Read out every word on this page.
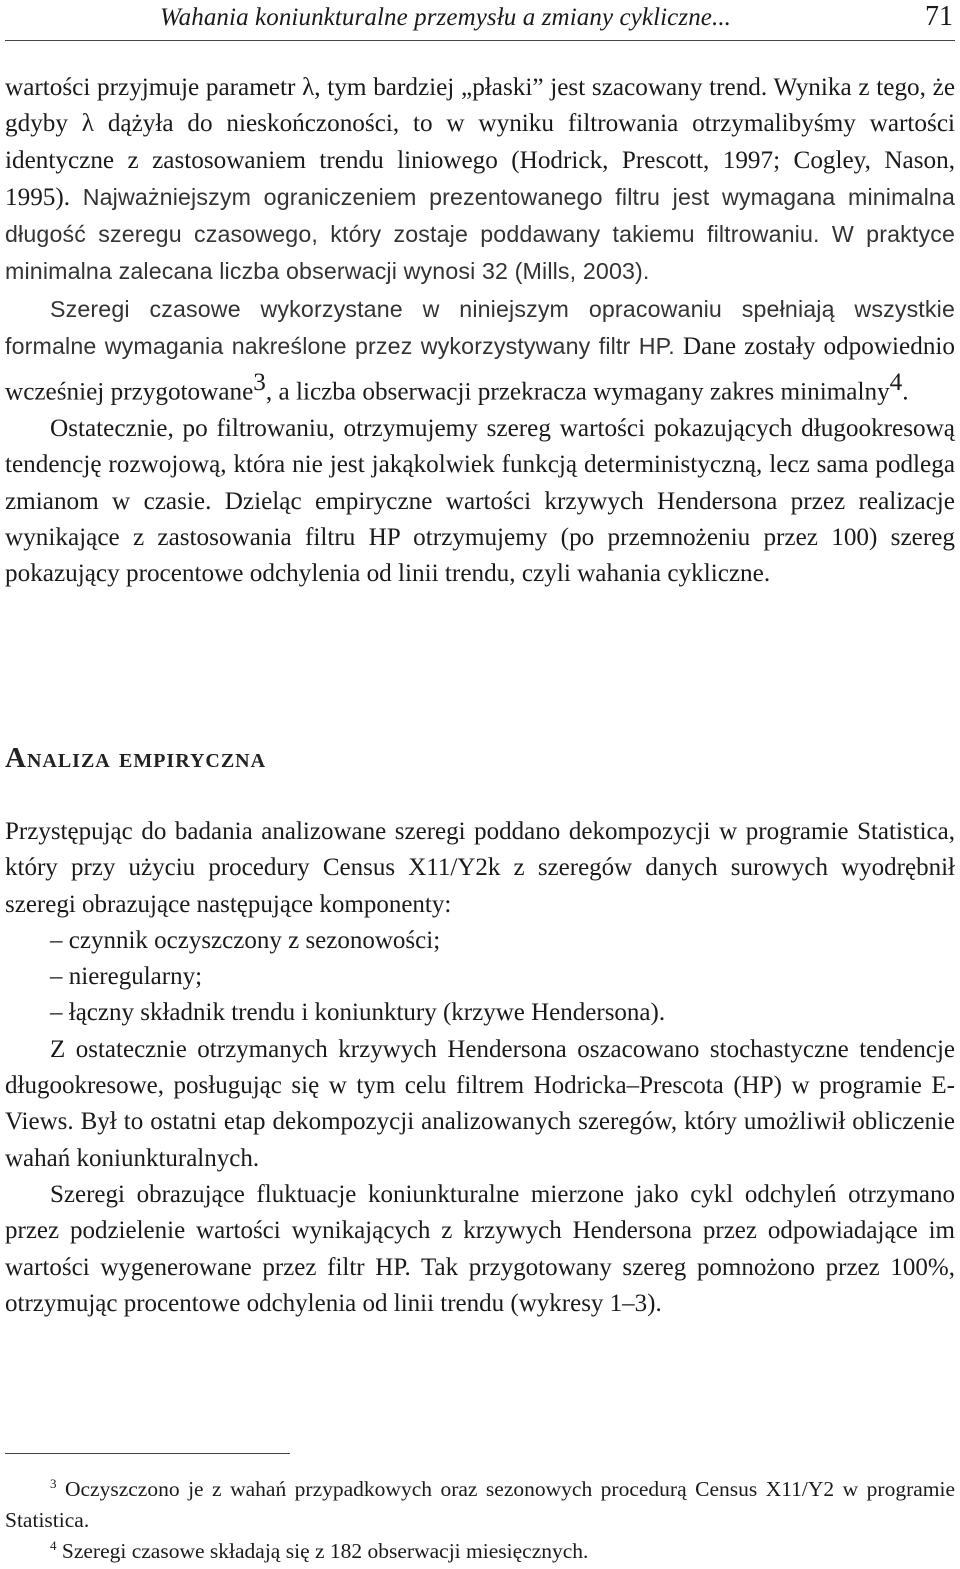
Wahania koniunkturalne przemysłu a zmiany cykliczne...	71

wartości przyjmuje parametr λ, tym bardziej „płaski” jest szacowany trend. Wynika z tego, że gdyby λ dążyła do nieskończoności, to w wyniku filtrowania otrzymalibyśmy wartości identyczne z zastosowaniem trendu liniowego (Hodrick, Prescott, 1997; Cogley, Nason, 1995). Najważniejszym ograniczeniem prezentowanego filtru jest wymagana minimalna długość szeregu czasowego, który zostaje poddawany takiemu filtrowaniu. W praktyce minimalna zalecana liczba obserwacji wynosi 32 (Mills, 2003).

Szeregi czasowe wykorzystane w niniejszym opracowaniu spełniają wszystkie formalne wymagania nakreślone przez wykorzystywany filtr HP. Dane zostały odpowiednio wcześniej przygotowane$^3$, a liczba obserwacji przekracza wymagany zakres minimalny$^4$.

Ostatecznie, po filtrowaniu, otrzymujemy szereg wartości pokazujących długookresową tendencję rozwojową, która nie jest jakąkolwiek funkcją deterministyczną, lecz sama podlega zmianom w czasie. Dzieląc empiryczne wartości krzywych Hendersona przez realizacje wynikające z zastosowania filtru HP otrzymujemy (po przemnożeniu przez 100) szereg pokazujący procentowe odchylenia od linii trendu, czyli wahania cykliczne.

Analiza empiryczna

Przystępując do badania analizowane szeregi poddano dekompozycji w programie Statistica, który przy użyciu procedury Census X11/Y2k z szeregów danych surowych wyodrębnił szeregi obrazujące następujące komponenty:

– czynnik oczyszczony z sezonowości;
– nieregularny;
– łączny składnik trendu i koniunktury (krzywe Hendersona).

Z ostatecznie otrzymanych krzywych Hendersona oszacowano stochastyczne tendencje długookresowe, posługując się w tym celu filtrem Hodricka–Prescota (HP) w programie E-Views. Był to ostatni etap dekompozycji analizowanych szeregów, który umożliwił obliczenie wahań koniunkturalnych.

Szeregi obrazujące fluktuacje koniunkturalne mierzone jako cykl odchyleń otrzymano przez podzielenie wartości wynikających z krzywych Hendersona przez odpowiadające im wartości wygenerowane przez filtr HP. Tak przygotowany szereg pomnożono przez 100%, otrzymując procentowe odchylenia od linii trendu (wykresy 1–3).

$^3$ Oczyszczono je z wahań przypadkowych oraz sezonowych procedurą Census X11/Y2 w programie Statistica.

$^4$ Szeregi czasowe składają się z 182 obserwacji miesięcznych.
